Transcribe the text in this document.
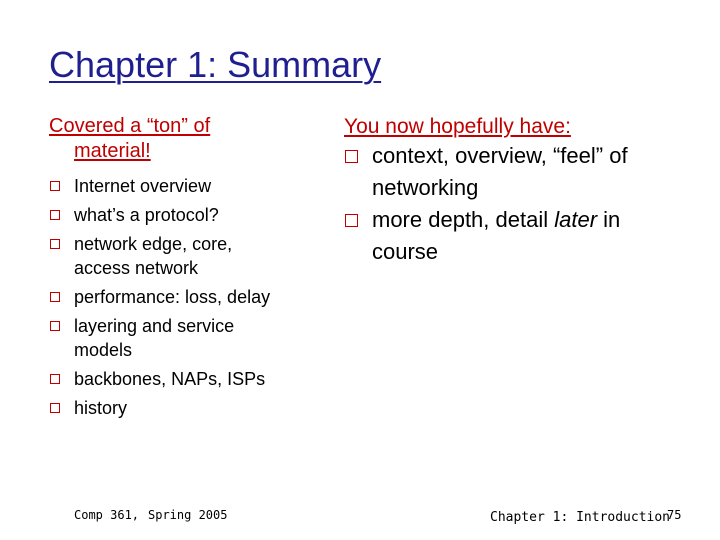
Chapter 1: Summary
Covered a “ton” of
material!
Internet overview
what’s a protocol?
network edge, core, access network
performance: loss, delay
layering and service models
backbones, NAPs, ISPs
history
You now hopefully have:
context, overview, “feel” of networking
more depth, detail later in course
Comp 361, Spring 2005	Chapter 1: Introduction
75
